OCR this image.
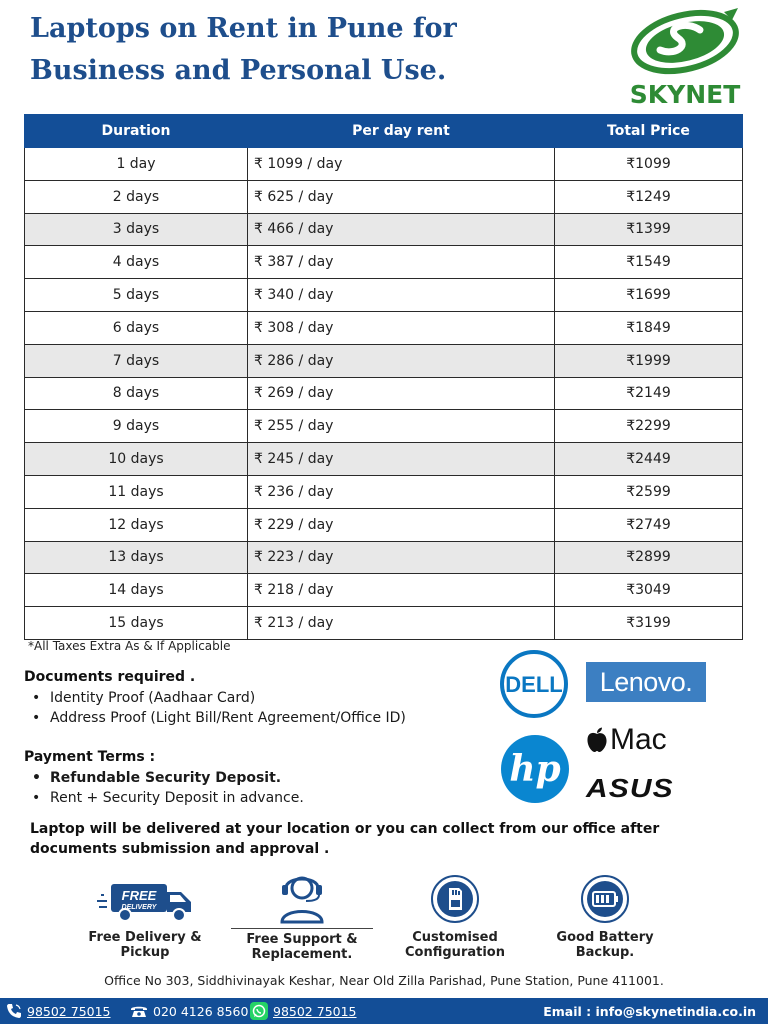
Laptops on Rent in Pune for
Business and Personal Use.
SKYNET
Duration	Per day rent	Total Price
1 day	₹ 1099 / day	₹1099
2 days	₹ 625 / day	₹1249
3 days	₹ 466 / day	₹1399
4 days	₹ 387 / day	₹1549
5 days	₹ 340 / day	₹1699
6 days	₹ 308 / day	₹1849
7 days	₹ 286 / day	₹1999
8 days	₹ 269 / day	₹2149
9 days	₹ 255 / day	₹2299
10 days	₹ 245 / day	₹2449
11 days	₹ 236 / day	₹2599
12 days	₹ 229 / day	₹2749
13 days	₹ 223 / day	₹2899
14 days	₹ 218 / day	₹3049
15 days	₹ 213 / day	₹3199
*All Taxes Extra As & If Applicable
Documents required .
• Identity Proof (Aadhaar Card)
• Address Proof (Light Bill/Rent Agreement/Office ID)
Payment Terms :
• Refundable Security Deposit.
• Rent + Security Deposit in advance.
DELL	Lenovo.
hp
Mac
ASUS
Laptop will be delivered at your location or you can collect from our office after documents submission and approval .
FREE
DELIVERY
Free Delivery & Pickup
Free Support & Replacement.
Customised Configuration
Good Battery Backup.
Office No 303, Siddhivinayak Keshar, Near Old Zilla Parishad, Pune Station, Pune 411001.
98502 75015	020 4126 8560 98502 75015	Email : info@skynetindia.co.in
